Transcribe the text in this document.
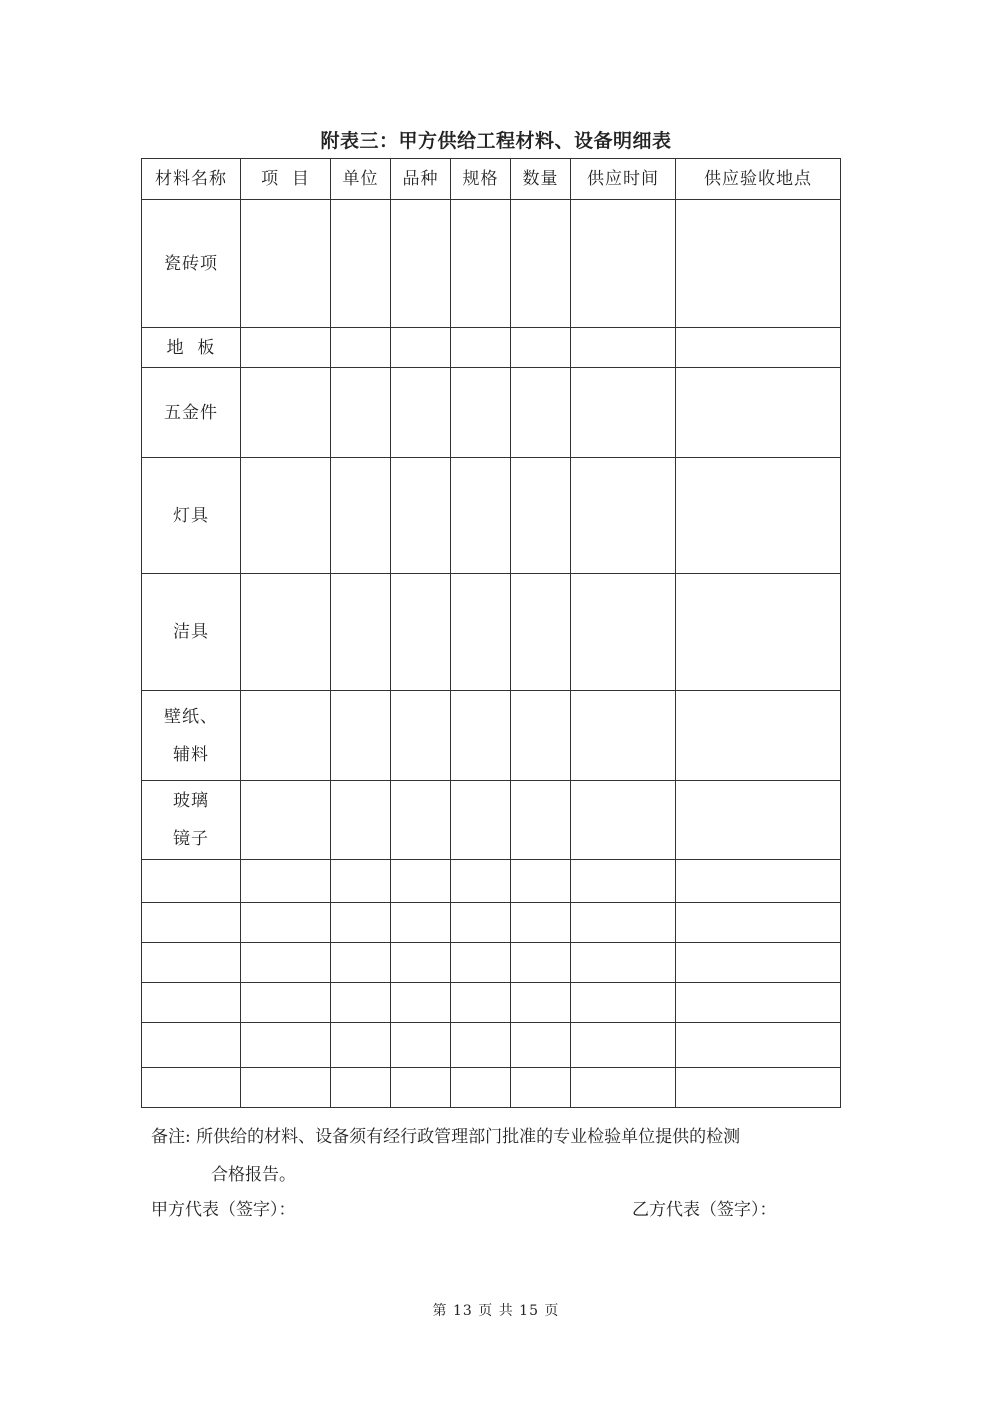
附表三：甲方供给工程材料、设备明细表
材料名称	项  目	单位	品种	规格	数量	供应时间	供应验收地点

瓷砖项							

地  板							

五金件							

灯具							

洁具							

壁纸、
辅料							

玻璃
镜子							

备注: 所供给的材料、设备须有经行政管理部门批准的专业检验单位提供的检测
合格报告。
甲方代表（签字）：	乙方代表（签字）：
第 13 页 共 15 页
